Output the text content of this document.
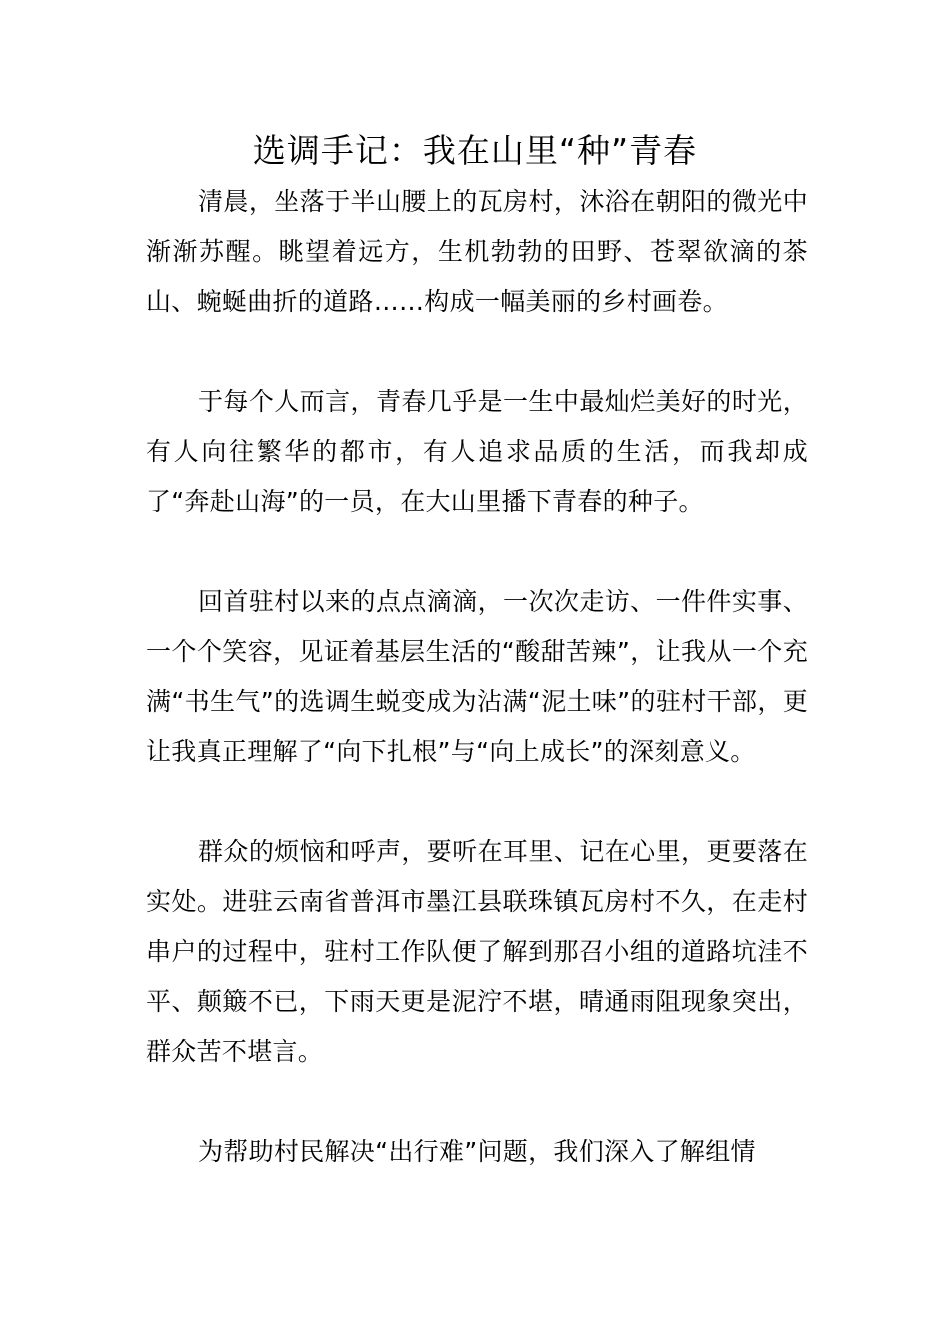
选调手记：我在山里“种”青春

清晨，坐落于半山腰上的瓦房村，沐浴在朝阳的微光中渐渐苏醒。眺望着远方，生机勃勃的田野、苍翠欲滴的茶山、蜿蜒曲折的道路……构成一幅美丽的乡村画卷。

于每个人而言，青春几乎是一生中最灿烂美好的时光，有人向往繁华的都市，有人追求品质的生活，而我却成了“奔赴山海”的一员，在大山里播下青春的种子。

回首驻村以来的点点滴滴，一次次走访、一件件实事、一个个笑容，见证着基层生活的“酸甜苦辣”，让我从一个充满“书生气”的选调生蜕变成为沾满“泥土味”的驻村干部，更让我真正理解了“向下扎根”与“向上成长”的深刻意义。

群众的烦恼和呼声，要听在耳里、记在心里，更要落在实处。进驻云南省普洱市墨江县联珠镇瓦房村不久，在走村串户的过程中，驻村工作队便了解到那召小组的道路坑洼不平、颠簸不已，下雨天更是泥泞不堪，晴通雨阻现象突出，群众苦不堪言。

为帮助村民解决“出行难”问题，我们深入了解组情
